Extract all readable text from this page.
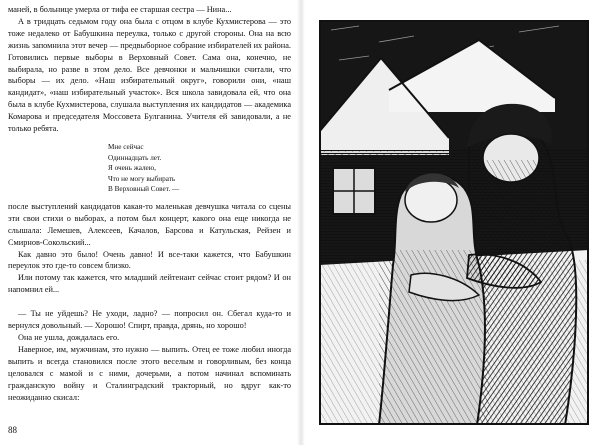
маней, в больнице умерла от тифа ее старшая сестра — Нина...

А в тридцать седьмом году она была с отцом в клубе Кухмистерова — это тоже недалеко от Бабушкина переулка, только с другой стороны. Она на всю жизнь запомнила этот вечер — предвыборное собрание избирателей их района. Готовились первые выборы в Верховный Совет. Сама она, конечно, не выбирала, но разве в этом дело. Все девчонки и мальчишки считали, что выборы — их дело. «Наш избирательный округ», говорили они, «наш кандидат», «наш избирательный участок». Вся школа завидовала ей, что она была в клубе Кухмистерова, слушала выступления их кандидатов — академика Комарова и председателя Моссовета Булганина. Учителя ей завидовали, а не только ребята.

Мне сейчас
Одиннадцать лет.
Я очень жалею,
Что не могу выбирать
В Верховный Совет. —

после выступлений кандидатов какая-то маленькая девчушка читала со сцены эти свои стихи о выборах, а потом был концерт, какого она еще никогда не слышала: Лемешев, Алексеев, Качалов, Барсова и Катульская, Рейзен и Смирнов-Сокольский...

Как давно это было! Очень давно! И все-таки кажется, что Бабушкин переулок это где-то совсем близко.

Или потому так кажется, что младший лейтенант сейчас стоит рядом? И он напомнил ей...

— Ты не уйдешь? Не уходи, ладно? — попросил он. Сбегал куда-то и вернулся довольный. — Хорошо! Спирт, правда, дрянь, но хорошо!

Она не ушла, дождалась его.

Наверное, им, мужчинам, это нужно — выпить. Отец ее тоже любил иногда выпить и всегда становился после этого веселым и говорливым, без конца целовался с мамой и с ними, дочерьми, а потом начинал вспоминать гражданскую войну и Сталинградский тракторный, но вдруг как-то неожиданно скисал:

88
